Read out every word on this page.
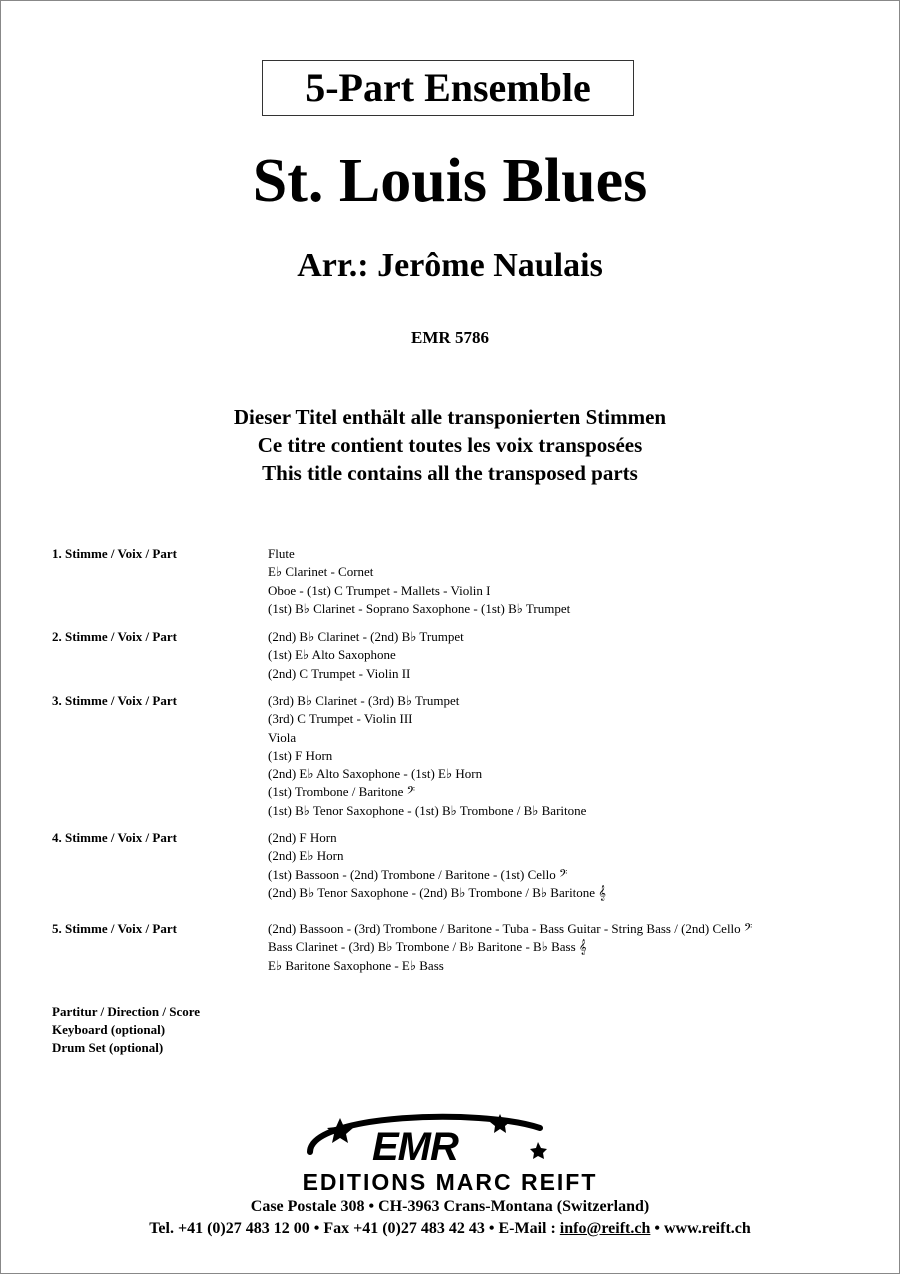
5-Part Ensemble
St. Louis Blues
Arr.: Jerôme Naulais
EMR 5786
Dieser Titel enthält alle transponierten Stimmen
Ce titre contient toutes les voix transposées
This title contains all the transposed parts
1. Stimme / Voix / Part	Flute
E♭ Clarinet - Cornet
Oboe - (1st) C Trumpet - Mallets - Violin I
(1st) B♭ Clarinet - Soprano Saxophone - (1st) B♭ Trumpet
2. Stimme / Voix / Part	(2nd) B♭ Clarinet - (2nd) B♭ Trumpet
(1st) E♭ Alto Saxophone
(2nd) C Trumpet - Violin II
3. Stimme / Voix / Part	(3rd) B♭ Clarinet - (3rd) B♭ Trumpet
(3rd) C Trumpet - Violin III
Viola
(1st) F Horn
(2nd) E♭ Alto Saxophone - (1st) E♭ Horn
(1st) Trombone / Baritone 𝄢
(1st) B♭ Tenor Saxophone - (1st) B♭ Trombone / B♭ Baritone
4. Stimme / Voix / Part	(2nd) F Horn
(2nd) E♭ Horn
(1st) Bassoon - (2nd) Trombone / Baritone - (1st) Cello 𝄢
(2nd) B♭ Tenor Saxophone - (2nd) B♭ Trombone / B♭ Baritone 𝄞
5. Stimme / Voix / Part	(2nd) Bassoon - (3rd) Trombone / Baritone - Tuba - Bass Guitar - String Bass / (2nd) Cello 𝄢
Bass Clarinet - (3rd) B♭ Trombone / B♭ Baritone - B♭ Bass 𝄞
E♭ Baritone Saxophone - E♭ Bass
Partitur / Direction / Score
Keyboard (optional)
Drum Set (optional)
EMR
EDITIONS MARC REIFT
Case Postale 308 • CH-3963 Crans-Montana (Switzerland)
Tel. +41 (0)27 483 12 00 • Fax +41 (0)27 483 42 43 • E-Mail : info@reift.ch • www.reift.ch
